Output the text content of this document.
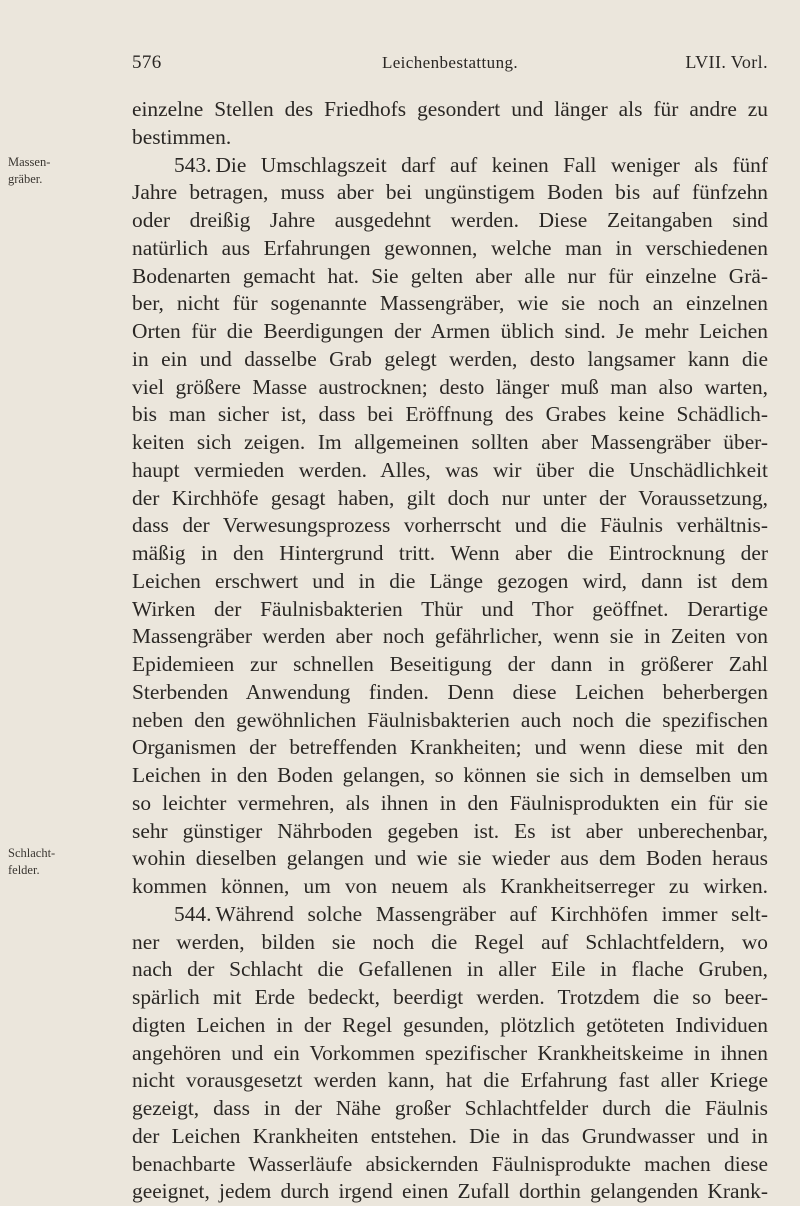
576	Leichenbestattung.	LVII. Vorl.
Massen-
gräber.
Schlacht-
felder.
einzelne Stellen des Friedhofs gesondert und länger als für andre zu
bestimmen.
543. Die Umschlagszeit darf auf keinen Fall weniger als fünf
Jahre betragen, muss aber bei ungünstigem Boden bis auf fünfzehn
oder dreißig Jahre ausgedehnt werden. Diese Zeitangaben sind
natürlich aus Erfahrungen gewonnen, welche man in verschiedenen
Bodenarten gemacht hat. Sie gelten aber alle nur für einzelne Grä-
ber, nicht für sogenannte Massengräber, wie sie noch an einzelnen
Orten für die Beerdigungen der Armen üblich sind. Je mehr Leichen
in ein und dasselbe Grab gelegt werden, desto langsamer kann die
viel größere Masse austrocknen; desto länger muß man also warten,
bis man sicher ist, dass bei Eröffnung des Grabes keine Schädlich-
keiten sich zeigen. Im allgemeinen sollten aber Massengräber über-
haupt vermieden werden. Alles, was wir über die Unschädlichkeit
der Kirchhöfe gesagt haben, gilt doch nur unter der Voraussetzung,
dass der Verwesungsprozess vorherrscht und die Fäulnis verhältnis-
mäßig in den Hintergrund tritt. Wenn aber die Eintrocknung der
Leichen erschwert und in die Länge gezogen wird, dann ist dem
Wirken der Fäulnisbakterien Thür und Thor geöffnet. Derartige
Massengräber werden aber noch gefährlicher, wenn sie in Zeiten von
Epidemieen zur schnellen Beseitigung der dann in größerer Zahl
Sterbenden Anwendung finden. Denn diese Leichen beherbergen
neben den gewöhnlichen Fäulnisbakterien auch noch die spezifischen
Organismen der betreffenden Krankheiten; und wenn diese mit den
Leichen in den Boden gelangen, so können sie sich in demselben um
so leichter vermehren, als ihnen in den Fäulnisprodukten ein für sie
sehr günstiger Nährboden gegeben ist. Es ist aber unberechenbar,
wohin dieselben gelangen und wie sie wieder aus dem Boden heraus
kommen können, um von neuem als Krankheitserreger zu wirken.
544. Während solche Massengräber auf Kirchhöfen immer selt-
ner werden, bilden sie noch die Regel auf Schlachtfeldern, wo
nach der Schlacht die Gefallenen in aller Eile in flache Gruben,
spärlich mit Erde bedeckt, beerdigt werden. Trotzdem die so beer-
digten Leichen in der Regel gesunden, plötzlich getöteten Individuen
angehören und ein Vorkommen spezifischer Krankheitskeime in ihnen
nicht vorausgesetzt werden kann, hat die Erfahrung fast aller Kriege
gezeigt, dass in der Nähe großer Schlachtfelder durch die Fäulnis
der Leichen Krankheiten entstehen. Die in das Grundwasser und in
benachbarte Wasserläufe absickernden Fäulnisprodukte machen diese
geeignet, jedem durch irgend einen Zufall dorthin gelangenden Krank-
